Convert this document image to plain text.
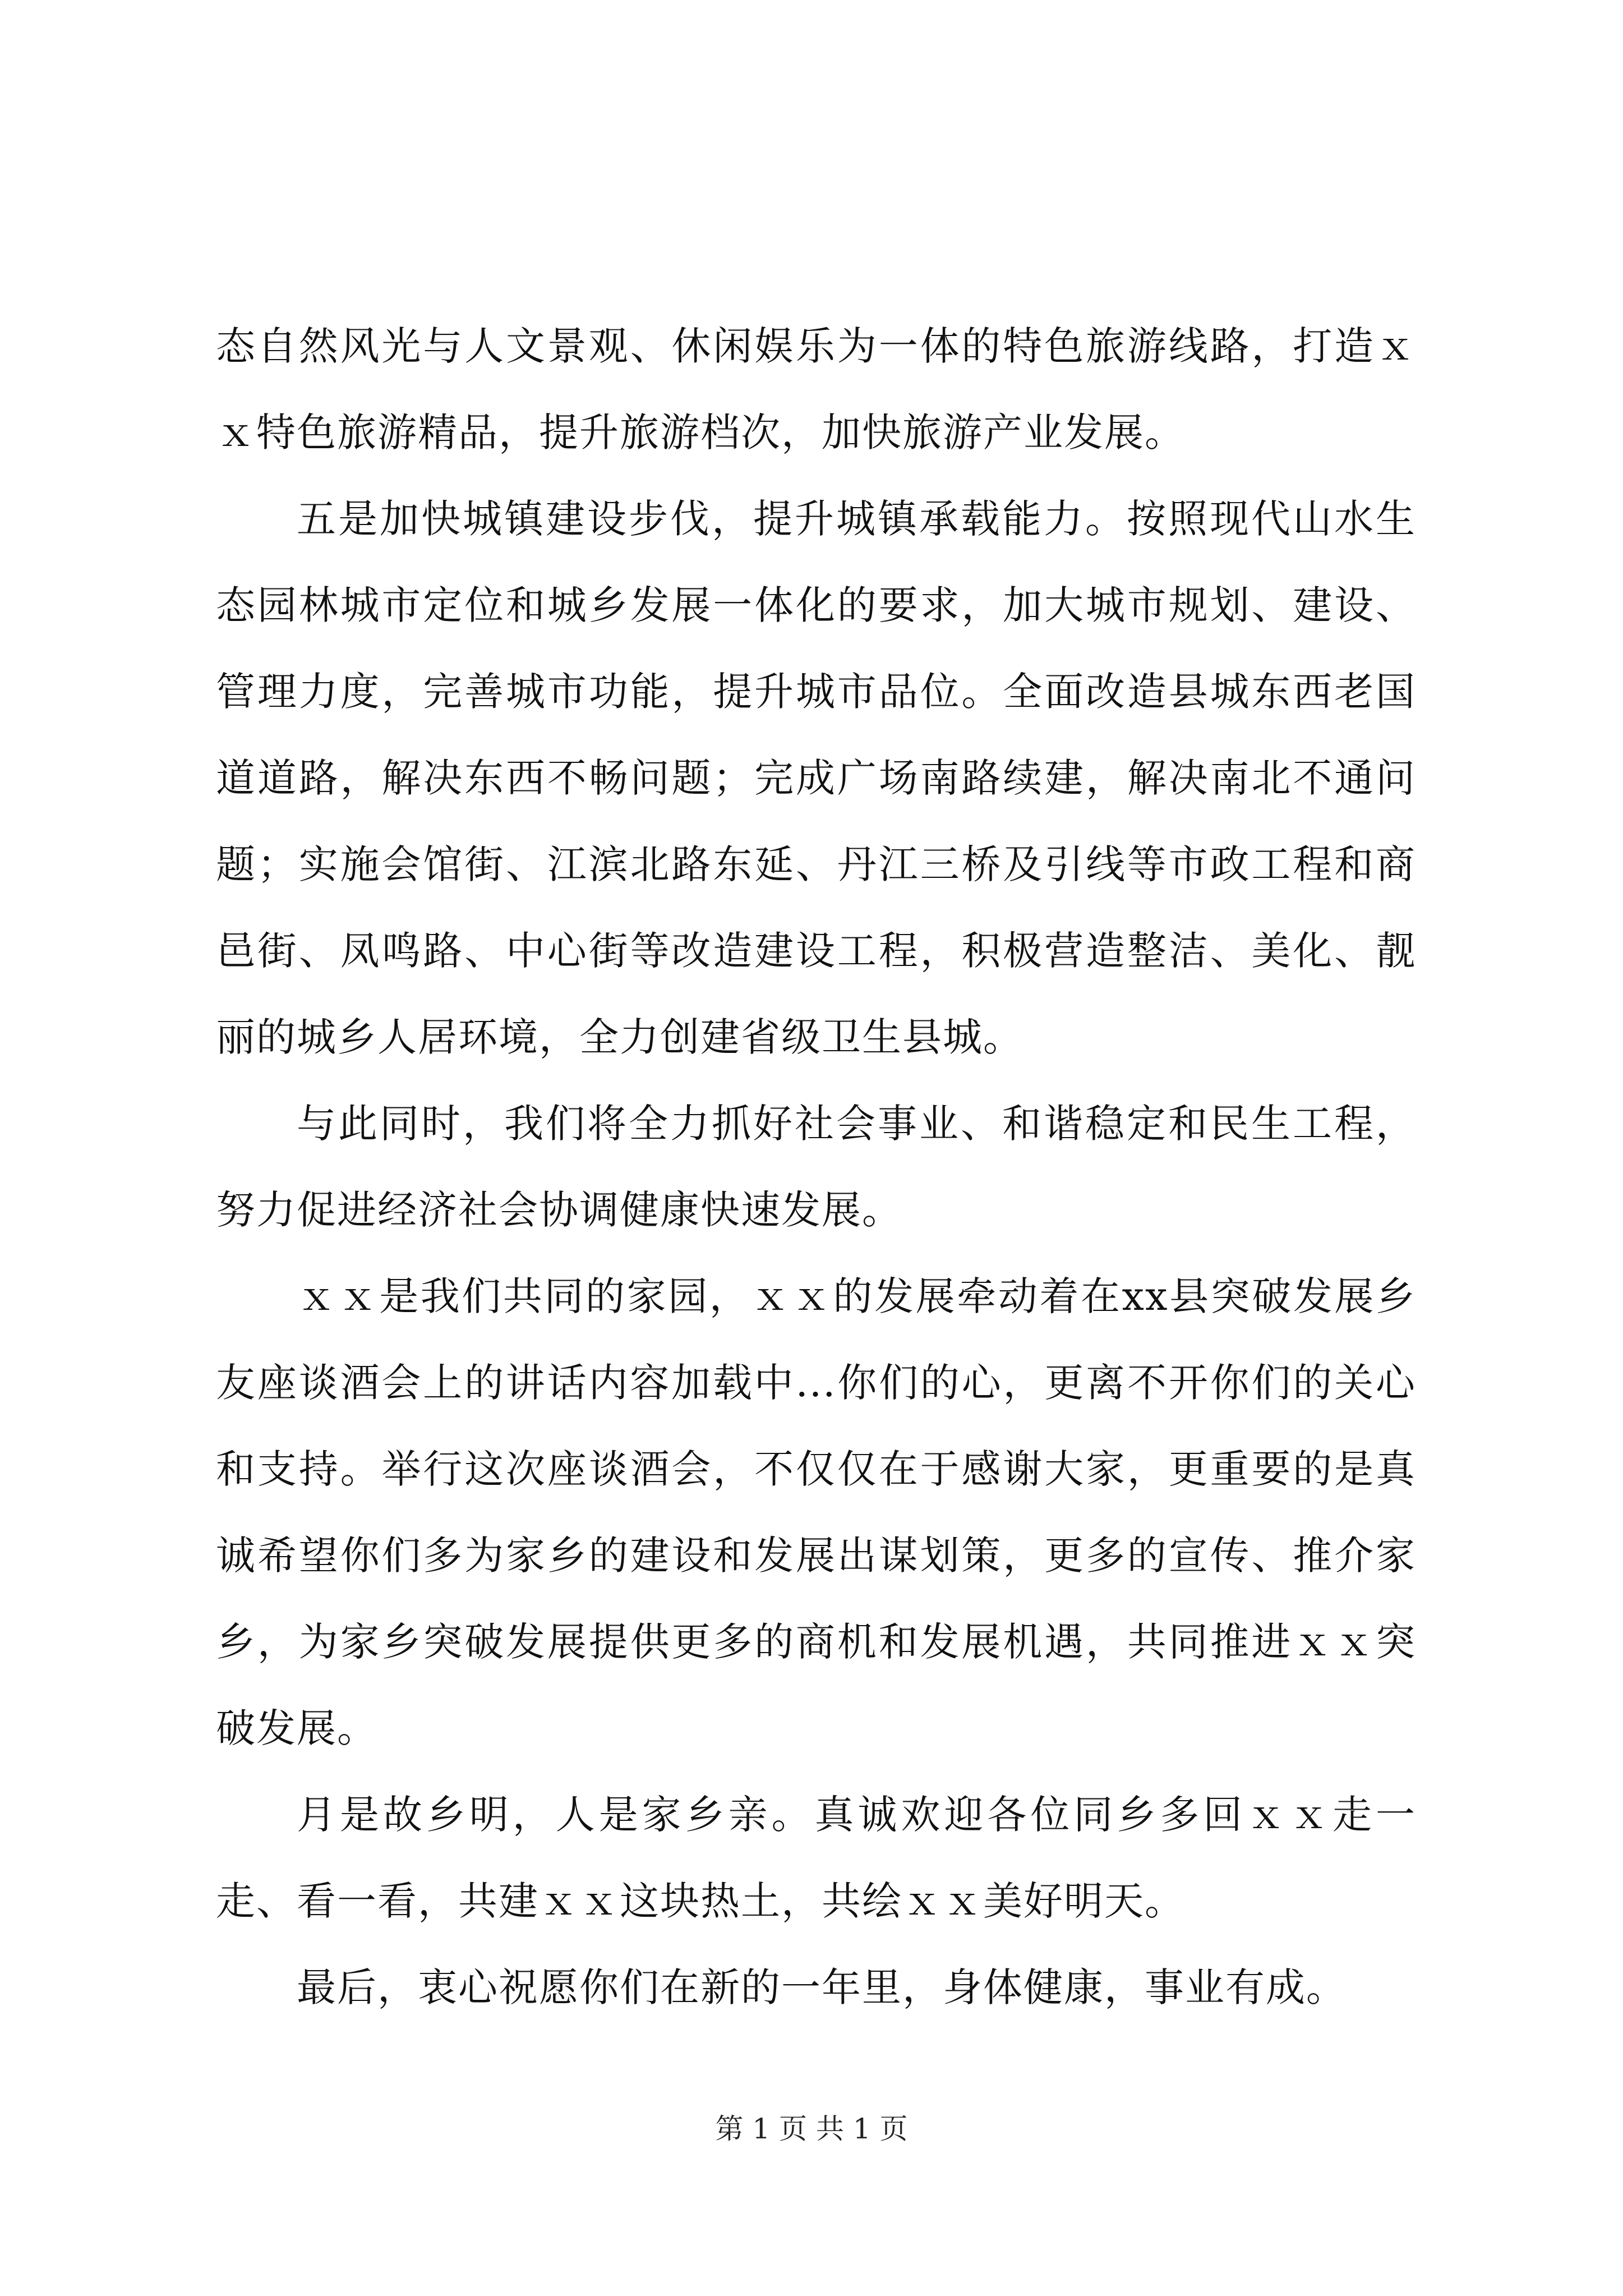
态自然风光与人文景观、休闲娱乐为一体的特色旅游线路，打造ｘｘ特色旅游精品，提升旅游档次，加快旅游产业发展。

五是加快城镇建设步伐，提升城镇承载能力。按照现代山水生态园林城市定位和城乡发展一体化的要求，加大城市规划、建设、管理力度，完善城市功能，提升城市品位。全面改造县城东西老国道道路，解决东西不畅问题；完成广场南路续建，解决南北不通问题；实施会馆街、江滨北路东延、丹江三桥及引线等市政工程和商邑街、凤鸣路、中心街等改造建设工程，积极营造整洁、美化、靓丽的城乡人居环境，全力创建省级卫生县城。

与此同时，我们将全力抓好社会事业、和谐稳定和民生工程，努力促进经济社会协调健康快速发展。

ｘｘ是我们共同的家园，ｘｘ的发展牵动着在xx县突破发展乡友座谈酒会上的讲话内容加载中...你们的心，更离不开你们的关心和支持。举行这次座谈酒会，不仅仅在于感谢大家，更重要的是真诚希望你们多为家乡的建设和发展出谋划策，更多的宣传、推介家乡，为家乡突破发展提供更多的商机和发展机遇，共同推进ｘｘ突破发展。

月是故乡明，人是家乡亲。真诚欢迎各位同乡多回ｘｘ走一走、看一看，共建ｘｘ这块热土，共绘ｘｘ美好明天。

最后，衷心祝愿你们在新的一年里，身体健康，事业有成。

第 1 页 共 1 页
